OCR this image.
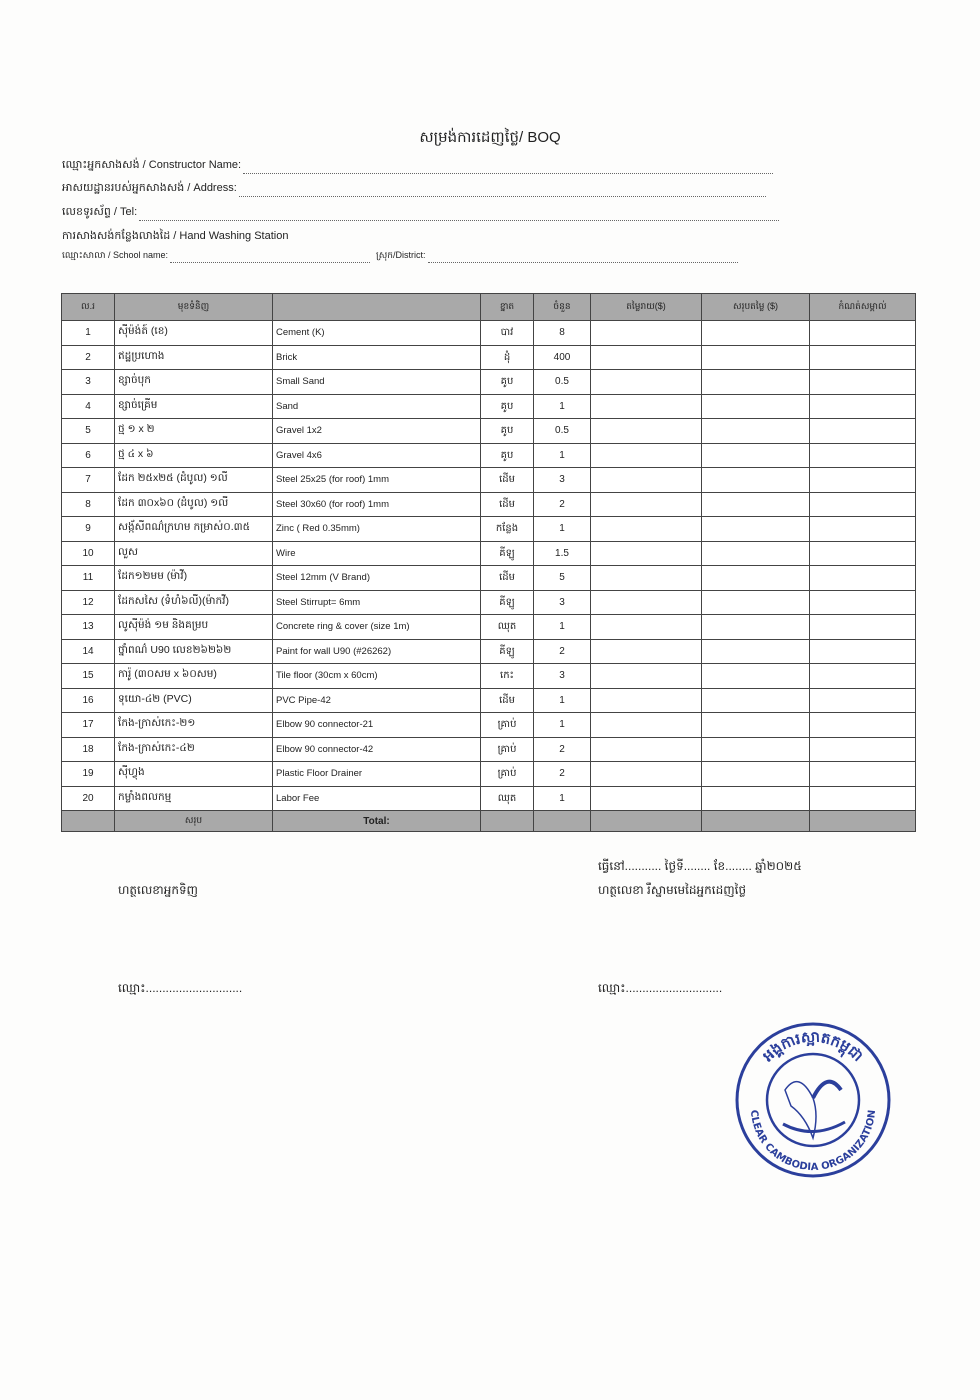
សម្រង់ការដេញថ្លៃ/ BOQ
ឈ្មោះអ្នកសាងសង់ / Constructor Name:
អាសយដ្ឋានរបស់អ្នកសាងសង់ / Address:
លេខទូរស័ព្ទ / Tel:
ការសាងសង់កន្លែងលាងដៃ / Hand Washing Station
ឈ្មោះសាលា / School name:	ស្រុក/District:
ល.រ	មុខទំនិញ		ខ្នាត	ចំនួន	តម្លៃរាយ($)	សរុបតម្លៃ ($)	កំណត់សម្គាល់
1	ស៊ីម៉ង់ត៍ (ខេ)	Cement (K)	បាវ	8			
2	ឥដ្ឋប្រហោង	Brick	ដុំ	400			
3	ខ្សាច់បុក	Small Sand	គូប	0.5			
4	ខ្សាច់គ្រើម	Sand	គូប	1			
5	ថ្ម ១ x ២	Gravel 1x2	គូប	0.5			
6	ថ្ម ៤ x ៦	Gravel 4x6	គូប	1			
7	ដែក ២៥x២៥ (ដំបូល) ១លី	Steel 25x25 (for roof) 1mm	ដើម	3			
8	ដែក ៣០x៦០ (ដំបូល) ១លី	Steel 30x60 (for roof) 1mm	ដើម	2			
9	សង្ក័សីពណ៌ក្រហម កម្រាស់០.៣៥	Zinc ( Red 0.35mm)	កន្លែង	1			
10	លួស	Wire	គីឡូ	1.5			
11	ដែក១២មម (ម៉ាវី)	Steel 12mm (V Brand)	ដើម	5			
12	ដែកសសៃ (ទំហំ៦លី)(ម៉ាកវី)	Steel Stirrupt= 6mm	គីឡូ	3			
13	លូស៊ីម៉ង់ ១ម និងគម្រប	Concrete ring & cover (size 1m)	ឈុត	1			
14	ថ្នាំពណ៌ U90 លេខ២៦២៦២	Paint for wall U90 (#26262)	គីឡូ	2			
15	ការ៉ូ (៣០សម x ៦០សម)	Tile floor (30cm x 60cm)	កេះ	3			
16	ទុយោ-៤២ (PVC)	PVC Pipe-42	ដើម	1			
17	កែង-ក្រាស់កេះ-២១	Elbow 90 connector-21	គ្រាប់	1			
18	កែង-ក្រាស់កេះ-៤២	Elbow 90 connector-42	គ្រាប់	2			
19	ស៊ីហ្វុង	Plastic Floor Drainer	គ្រាប់	2			
20	កម្លាំងពលកម្ម	Labor Fee	ឈុត	1			
	សរុប	Total:					
ធ្វើនៅ........... ថ្ងៃទី........ ខែ........ ឆ្នាំ២០២៥
ហត្ថលេខាអ្នកទិញ	ហត្ថលេខា រឺស្នាមមេដៃអ្នកដេញថ្លៃ
ឈ្មោះ.............................	ឈ្មោះ.............................
អង្គការស្អាតកម្ពុជា
CLEAR CAMBODIA ORGANIZATION
